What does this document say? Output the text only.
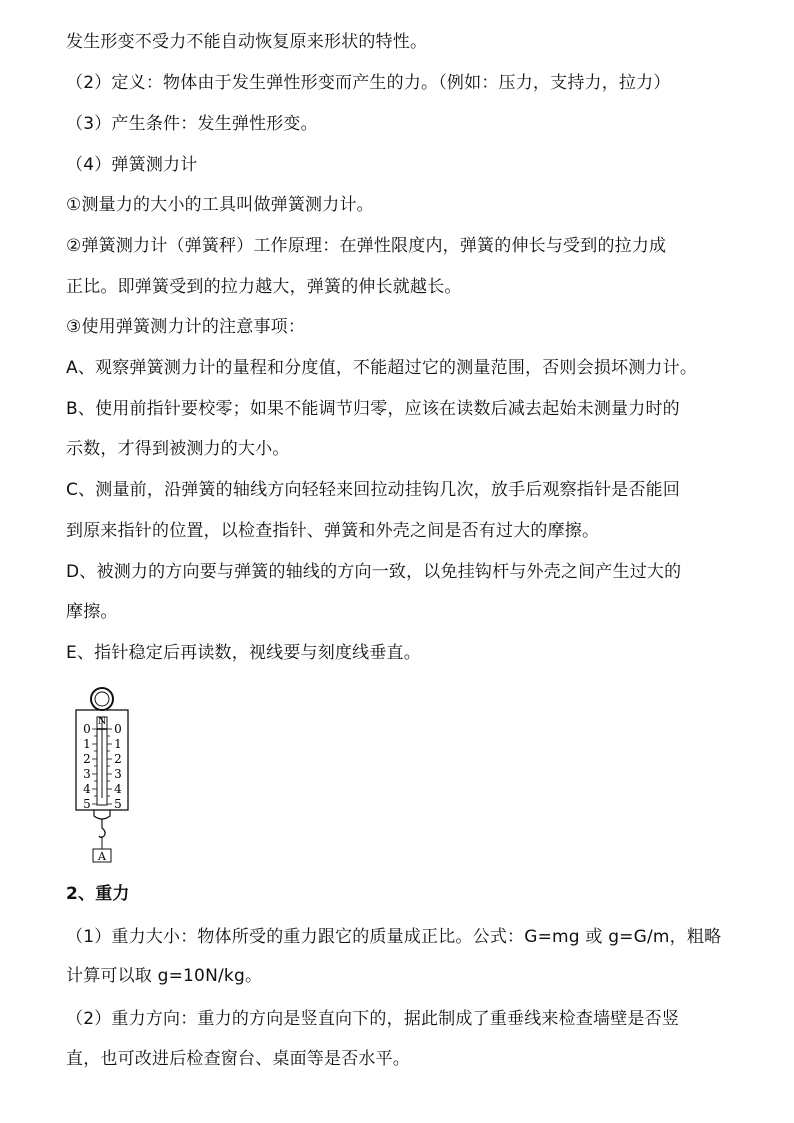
发生形变不受力不能自动恢复原来形状的特性。
（2）定义：物体由于发生弹性形变而产生的力。（例如：压力，支持力，拉力）
（3）产生条件：发生弹性形变。
（4）弹簧测力计
①测量力的大小的工具叫做弹簧测力计。
②弹簧测力计（弹簧秤）工作原理：在弹性限度内，弹簧的伸长与受到的拉力成
正比。即弹簧受到的拉力越大，弹簧的伸长就越长。
③使用弹簧测力计的注意事项：
A、观察弹簧测力计的量程和分度值，不能超过它的测量范围，否则会损坏测力计。
B、使用前指针要校零；如果不能调节归零，应该在读数后减去起始未测量力时的
示数，才得到被测力的大小。
C、测量前，沿弹簧的轴线方向轻轻来回拉动挂钩几次，放手后观察指针是否能回
到原来指针的位置，以检查指针、弹簧和外壳之间是否有过大的摩擦。
D、被测力的方向要与弹簧的轴线的方向一致，以免挂钩杆与外壳之间产生过大的
摩擦。
E、指针稳定后再读数，视线要与刻度线垂直。
N
0
1
2
3
4
5
0
1
2
3
4
5
A
2、重力
（1）重力大小：物体所受的重力跟它的质量成正比。公式：G=mg 或 g=G/m，粗略
计算可以取 g=10N/kg。
（2）重力方向：重力的方向是竖直向下的，据此制成了重垂线来检查墙壁是否竖
直，也可改进后检查窗台、桌面等是否水平。
